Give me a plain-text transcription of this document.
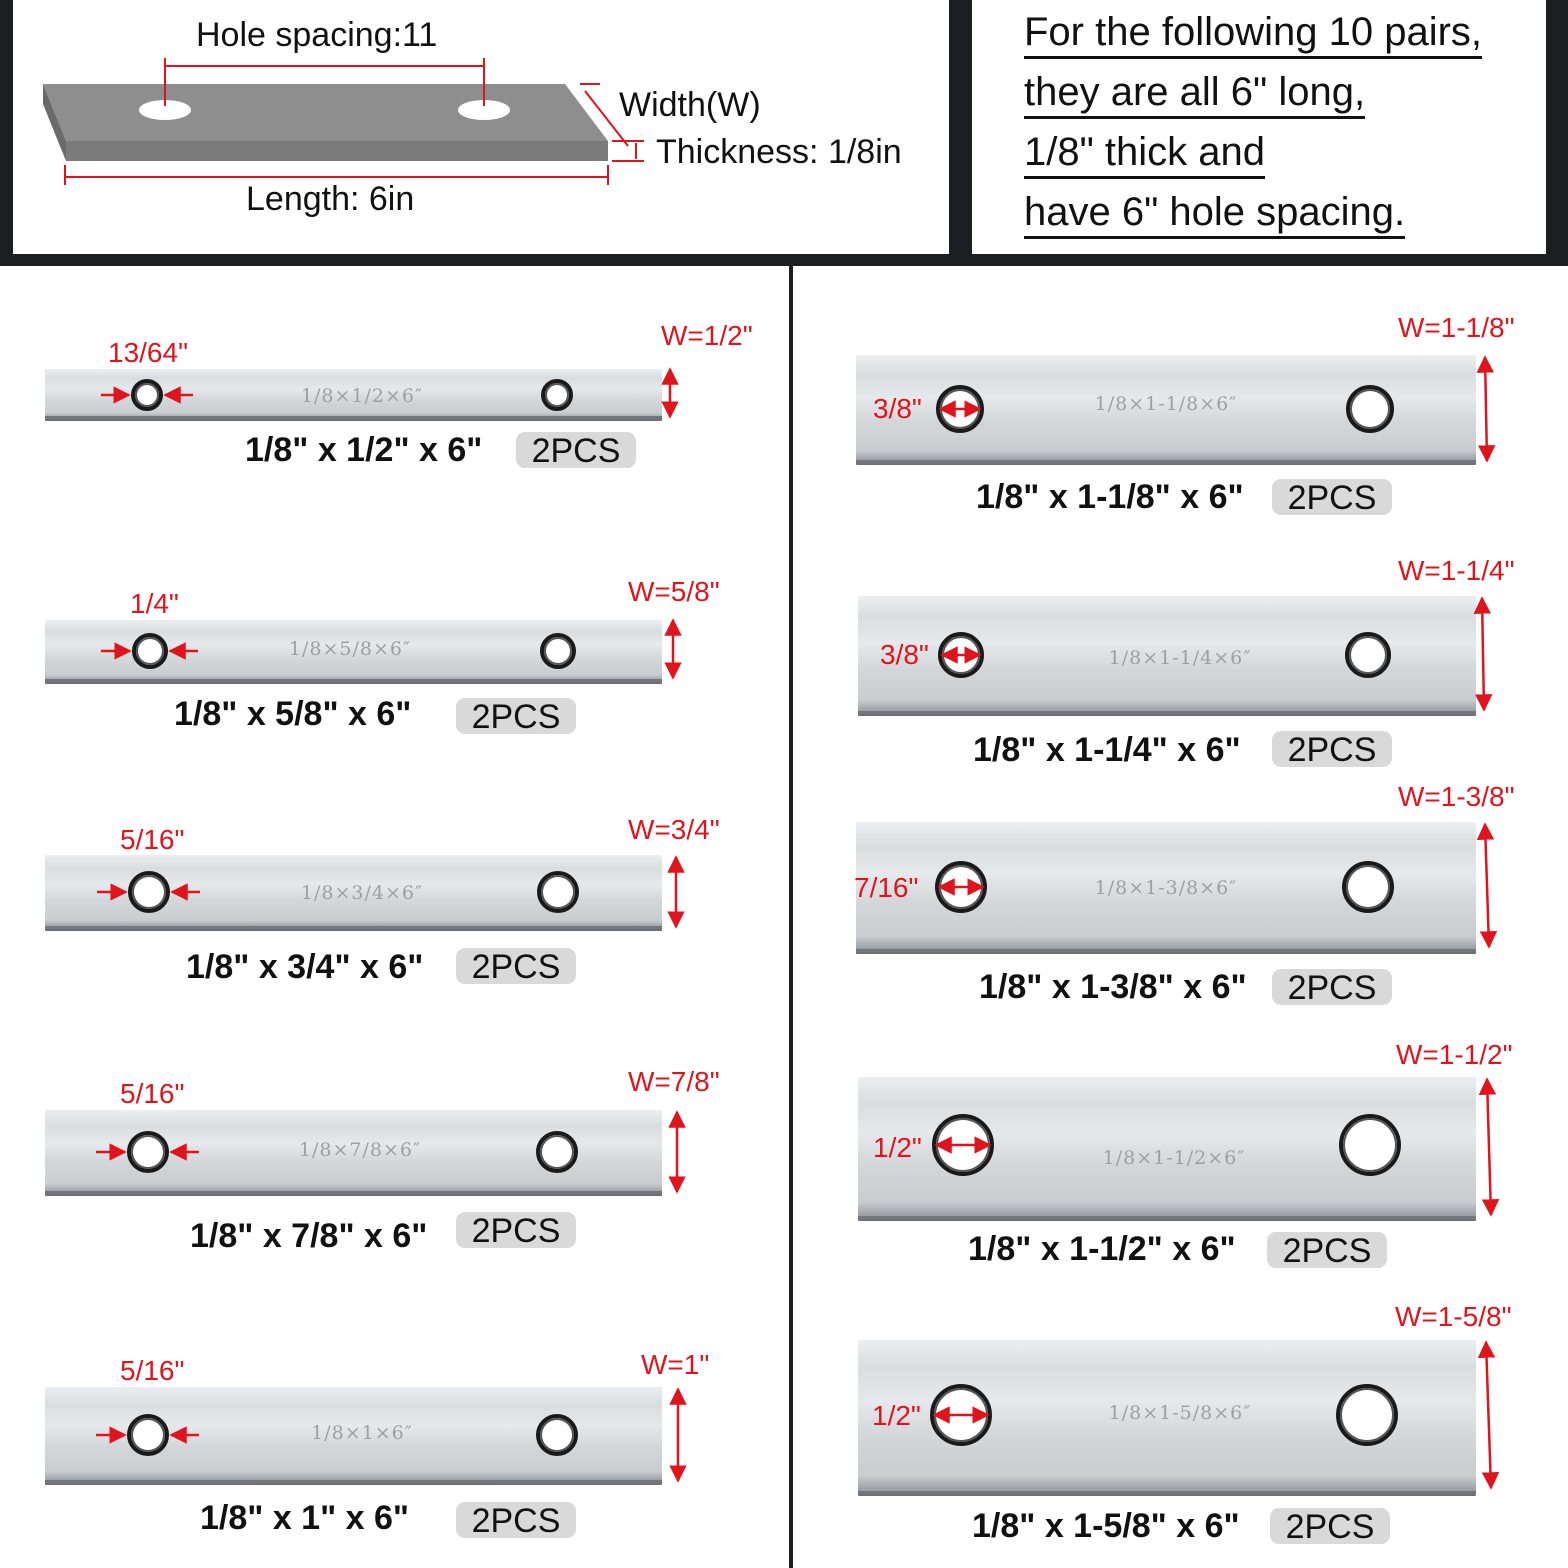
Hole spacing:11
Width(W)
Thickness: 1/8in
Length: 6in
For the following 10 pairs,
they are all 6" long,
1/8" thick and
have 6" hole spacing.
1/8×1/2×6″
13/64"
W=1/2"
1/8" x 1/2" x 6"	2PCS
1/8×5/8×6″
1/4"	W=5/8"
1/8" x 5/8" x 6"	2PCS
1/8×3/4×6″
5/16"	W=3/4"
1/8" x 3/4" x 6"	2PCS
1/8×7/8×6″
5/16"	W=7/8"
1/8" x 7/8" x 6"	2PCS
1/8×1×6″
5/16"	W=1"
1/8" x 1" x 6"	2PCS
1/8×1-1/8×6″
3/8"
W=1-1/8"
1/8" x 1-1/8" x 6"	2PCS
1/8×1-1/4×6″
3/8"
W=1-1/4"
1/8" x 1-1/4" x 6"	2PCS
1/8×1-3/8×6″
7/16"
W=1-3/8"
1/8" x 1-3/8" x 6"	2PCS
1/8×1-1/2×6″
1/2"
W=1-1/2"
1/8" x 1-1/2" x 6"	2PCS
1/8×1-5/8×6″
1/2"
W=1-5/8"
1/8" x 1-5/8" x 6"	2PCS
